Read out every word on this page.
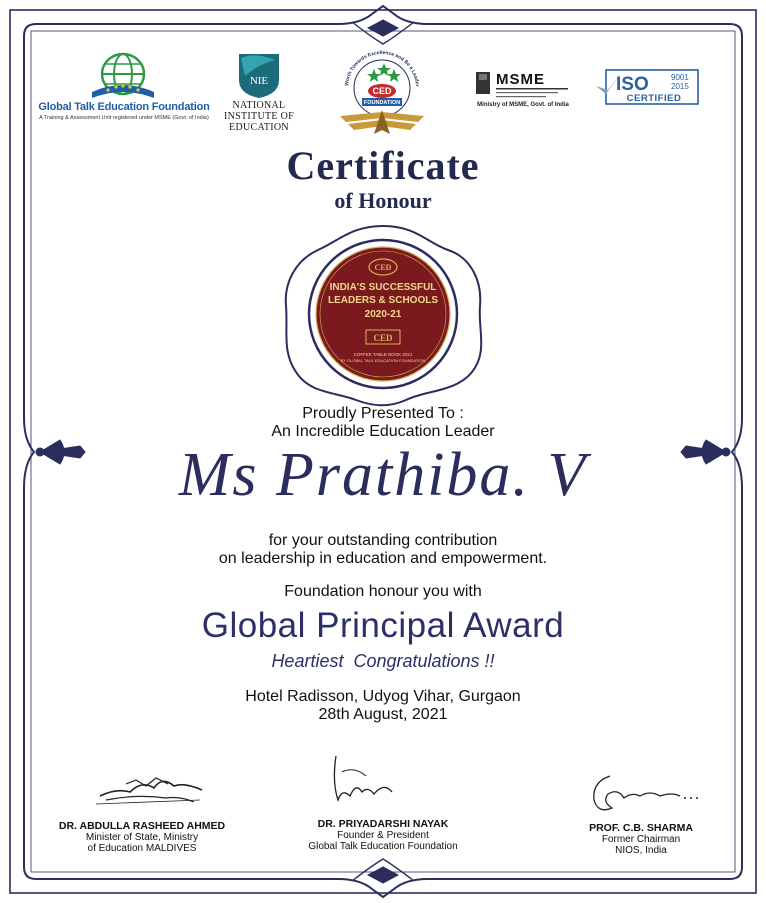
Global Talk Education Foundation
A Training & Assessment Unit registered under MSME (Govt. of India)
NIE
NATIONAL
INSTITUTE OF
EDUCATION
Worth Towards Excellence and Be a Leader
CED
FOUNDATION
MSME
Ministry of MSME, Govt. of India
ISO	9001
2015
CERTIFIED
Certificate
of Honour
CED
INDIA'S SUCCESSFUL
LEADERS & SCHOOLS
2020-21
CED
COFFEE TABLE BOOK 2021
BY GLOBAL TALK EDUCATION FOUNDATION
Proudly Presented To :
An Incredible Education Leader
Ms Prathiba. V
for your outstanding contribution
on leadership in education and empowerment.
Foundation honour you with
Global Principal Award
Heartiest  Congratulations !!
Hotel Radisson, Udyog Vihar, Gurgaon
28th August, 2021
DR. ABDULLA RASHEED AHMED
Minister of State, Ministry
of Education MALDIVES
DR. PRIYADARSHI NAYAK
Founder & President
Global Talk Education Foundation
PROF. C.B. SHARMA
Former Chairman
NIOS, India
